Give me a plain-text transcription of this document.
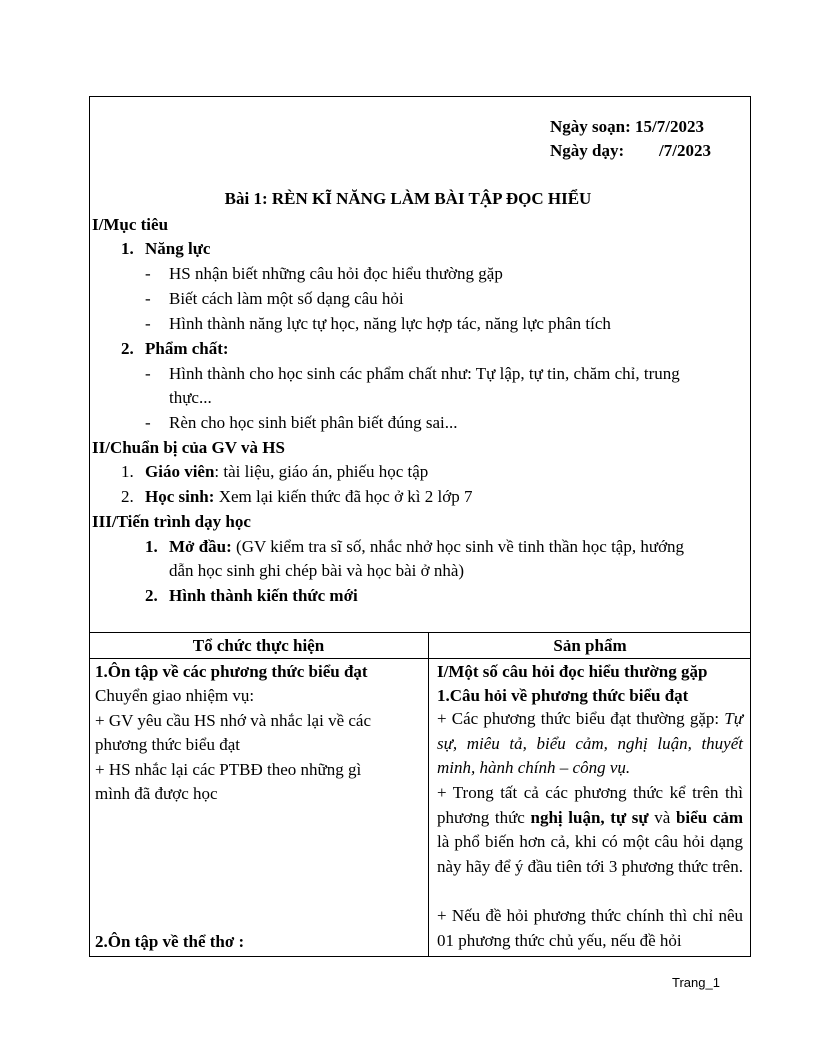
Ngày soạn: 15/7/2023
Ngày dạy: /7/2023
Bài 1: RÈN KĨ NĂNG LÀM BÀI TẬP ĐỌC HIỂU
I/Mục tiêu
1. Năng lực
- HS nhận biết những câu hỏi đọc hiểu thường gặp
- Biết cách làm một số dạng câu hỏi
- Hình thành năng lực tự học, năng lực hợp tác, năng lực phân tích
2. Phẩm chất:
- Hình thành cho học sinh các phẩm chất như: Tự lập, tự tin, chăm chỉ, trung
thực...
- Rèn cho học sinh biết phân biết đúng sai...
II/Chuẩn bị của GV và HS
1. Giáo viên: tài liệu, giáo án, phiếu học tập
2. Học sinh: Xem lại kiến thức đã học ở kì 2 lớp 7
III/Tiến trình dạy học
1. Mở đầu: (GV kiểm tra sĩ số, nhắc nhở học sinh về tinh thần học tập, hướng
dẫn học sinh ghi chép bài và học bài ở nhà)
2. Hình thành kiến thức mới
Tổ chức thực hiện	Sản phẩm
1.Ôn tập về các phương thức biểu đạt
Chuyển giao nhiệm vụ:
+ GV yêu cầu HS nhớ và nhắc lại về các
phương thức biểu đạt
+ HS nhắc lại các PTBĐ theo những gì
mình đã được học
2.Ôn tập về thể thơ :
I/Một số câu hỏi đọc hiểu thường gặp
1.Câu hỏi về phương thức biểu đạt
+ Các phương thức biểu đạt thường gặp: Tự sự, miêu tả, biểu cảm, nghị luận, thuyết minh, hành chính – công vụ.
+ Trong tất cả các phương thức kể trên thì phương thức nghị luận, tự sự và biểu cảm là phổ biến hơn cả, khi có một câu hỏi dạng này hãy để ý đầu tiên tới 3 phương thức trên.
+ Nếu đề hỏi phương thức chính thì chỉ nêu 01 phương thức chủ yếu, nếu đề hỏi
Trang_1
